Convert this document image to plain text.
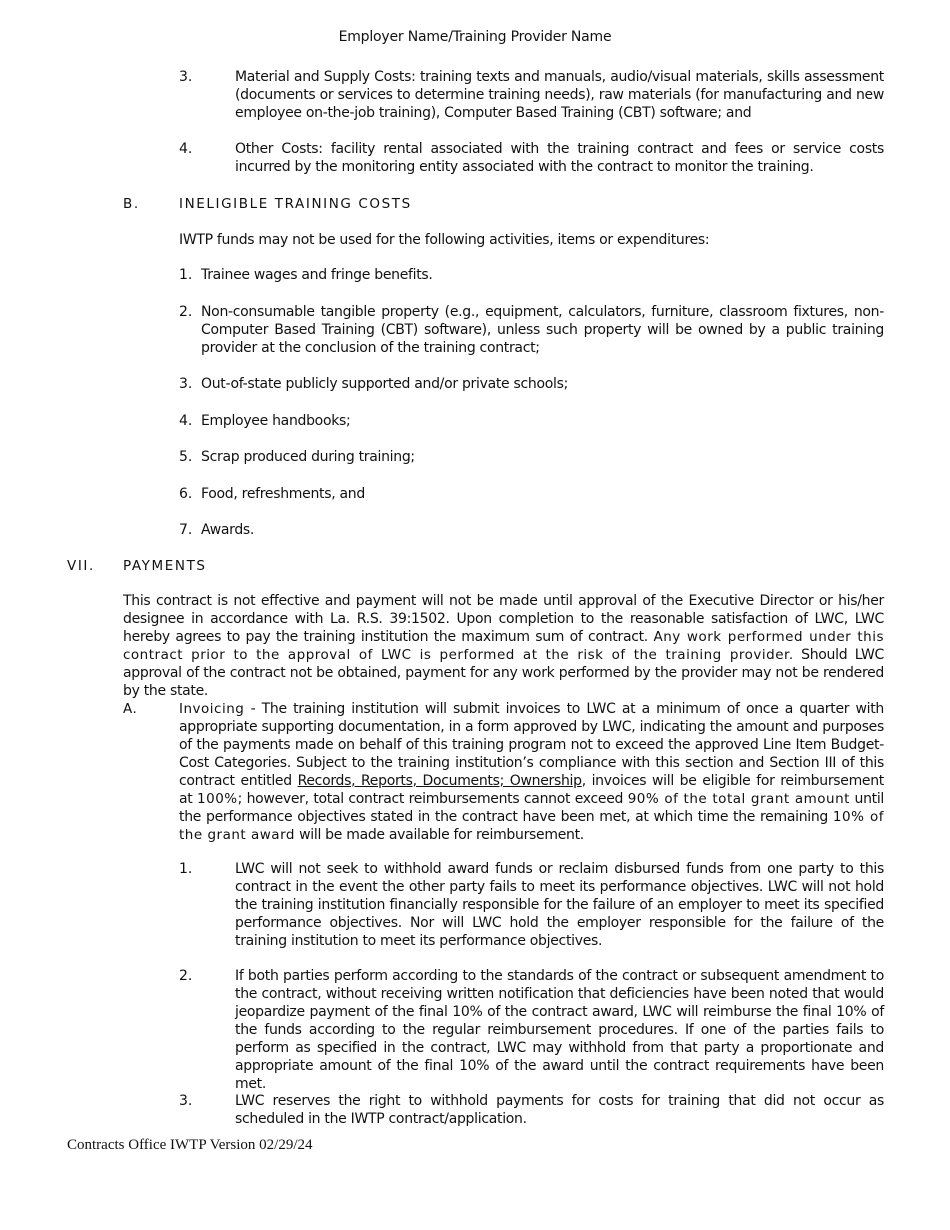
Employer Name/Training Provider Name
3.	Material and Supply Costs: training texts and manuals, audio/visual materials, skills assessment (documents or services to determine training needs), raw materials (for manufacturing and new employee on-the-job training), Computer Based Training (CBT) software; and
4.	Other Costs: facility rental associated with the training contract and fees or service costs incurred by the monitoring entity associated with the contract to monitor the training.
B.	INELIGIBLE TRAINING COSTS
IWTP funds may not be used for the following activities, items or expenditures:
1. Trainee wages and fringe benefits.
2. Non-consumable tangible property (e.g., equipment, calculators, furniture, classroom fixtures, non-Computer Based Training (CBT) software), unless such property will be owned by a public training provider at the conclusion of the training contract;
3. Out-of-state publicly supported and/or private schools;
4. Employee handbooks;
5. Scrap produced during training;
6. Food, refreshments, and
7. Awards.
VII. PAYMENTS
This contract is not effective and payment will not be made until approval of the Executive Director or his/her designee in accordance with La. R.S. 39:1502. Upon completion to the reasonable satisfaction of LWC, LWC hereby agrees to pay the training institution the maximum sum of contract. Any work performed under this contract prior to the approval of LWC is performed at the risk of the training provider. Should LWC approval of the contract not be obtained, payment for any work performed by the provider may not be rendered by the state.
A.	Invoicing - The training institution will submit invoices to LWC at a minimum of once a quarter with appropriate supporting documentation, in a form approved by LWC, indicating the amount and purposes of the payments made on behalf of this training program not to exceed the approved Line Item Budget-Cost Categories. Subject to the training institution’s compliance with this section and Section III of this contract entitled Records, Reports, Documents; Ownership, invoices will be eligible for reimbursement at 100%; however, total contract reimbursements cannot exceed 90% of the total grant amount until the performance objectives stated in the contract have been met, at which time the remaining 10% of the grant award will be made available for reimbursement.
1.	LWC will not seek to withhold award funds or reclaim disbursed funds from one party to this contract in the event the other party fails to meet its performance objectives. LWC will not hold the training institution financially responsible for the failure of an employer to meet its specified performance objectives. Nor will LWC hold the employer responsible for the failure of the training institution to meet its performance objectives.
2.	If both parties perform according to the standards of the contract or subsequent amendment to the contract, without receiving written notification that deficiencies have been noted that would jeopardize payment of the final 10% of the contract award, LWC will reimburse the final 10% of the funds according to the regular reimbursement procedures. If one of the parties fails to perform as specified in the contract, LWC may withhold from that party a proportionate and appropriate amount of the final 10% of the award until the contract requirements have been met.
3.	LWC reserves the right to withhold payments for costs for training that did not occur as scheduled in the IWTP contract/application.
Contracts Office IWTP Version 02/29/24
